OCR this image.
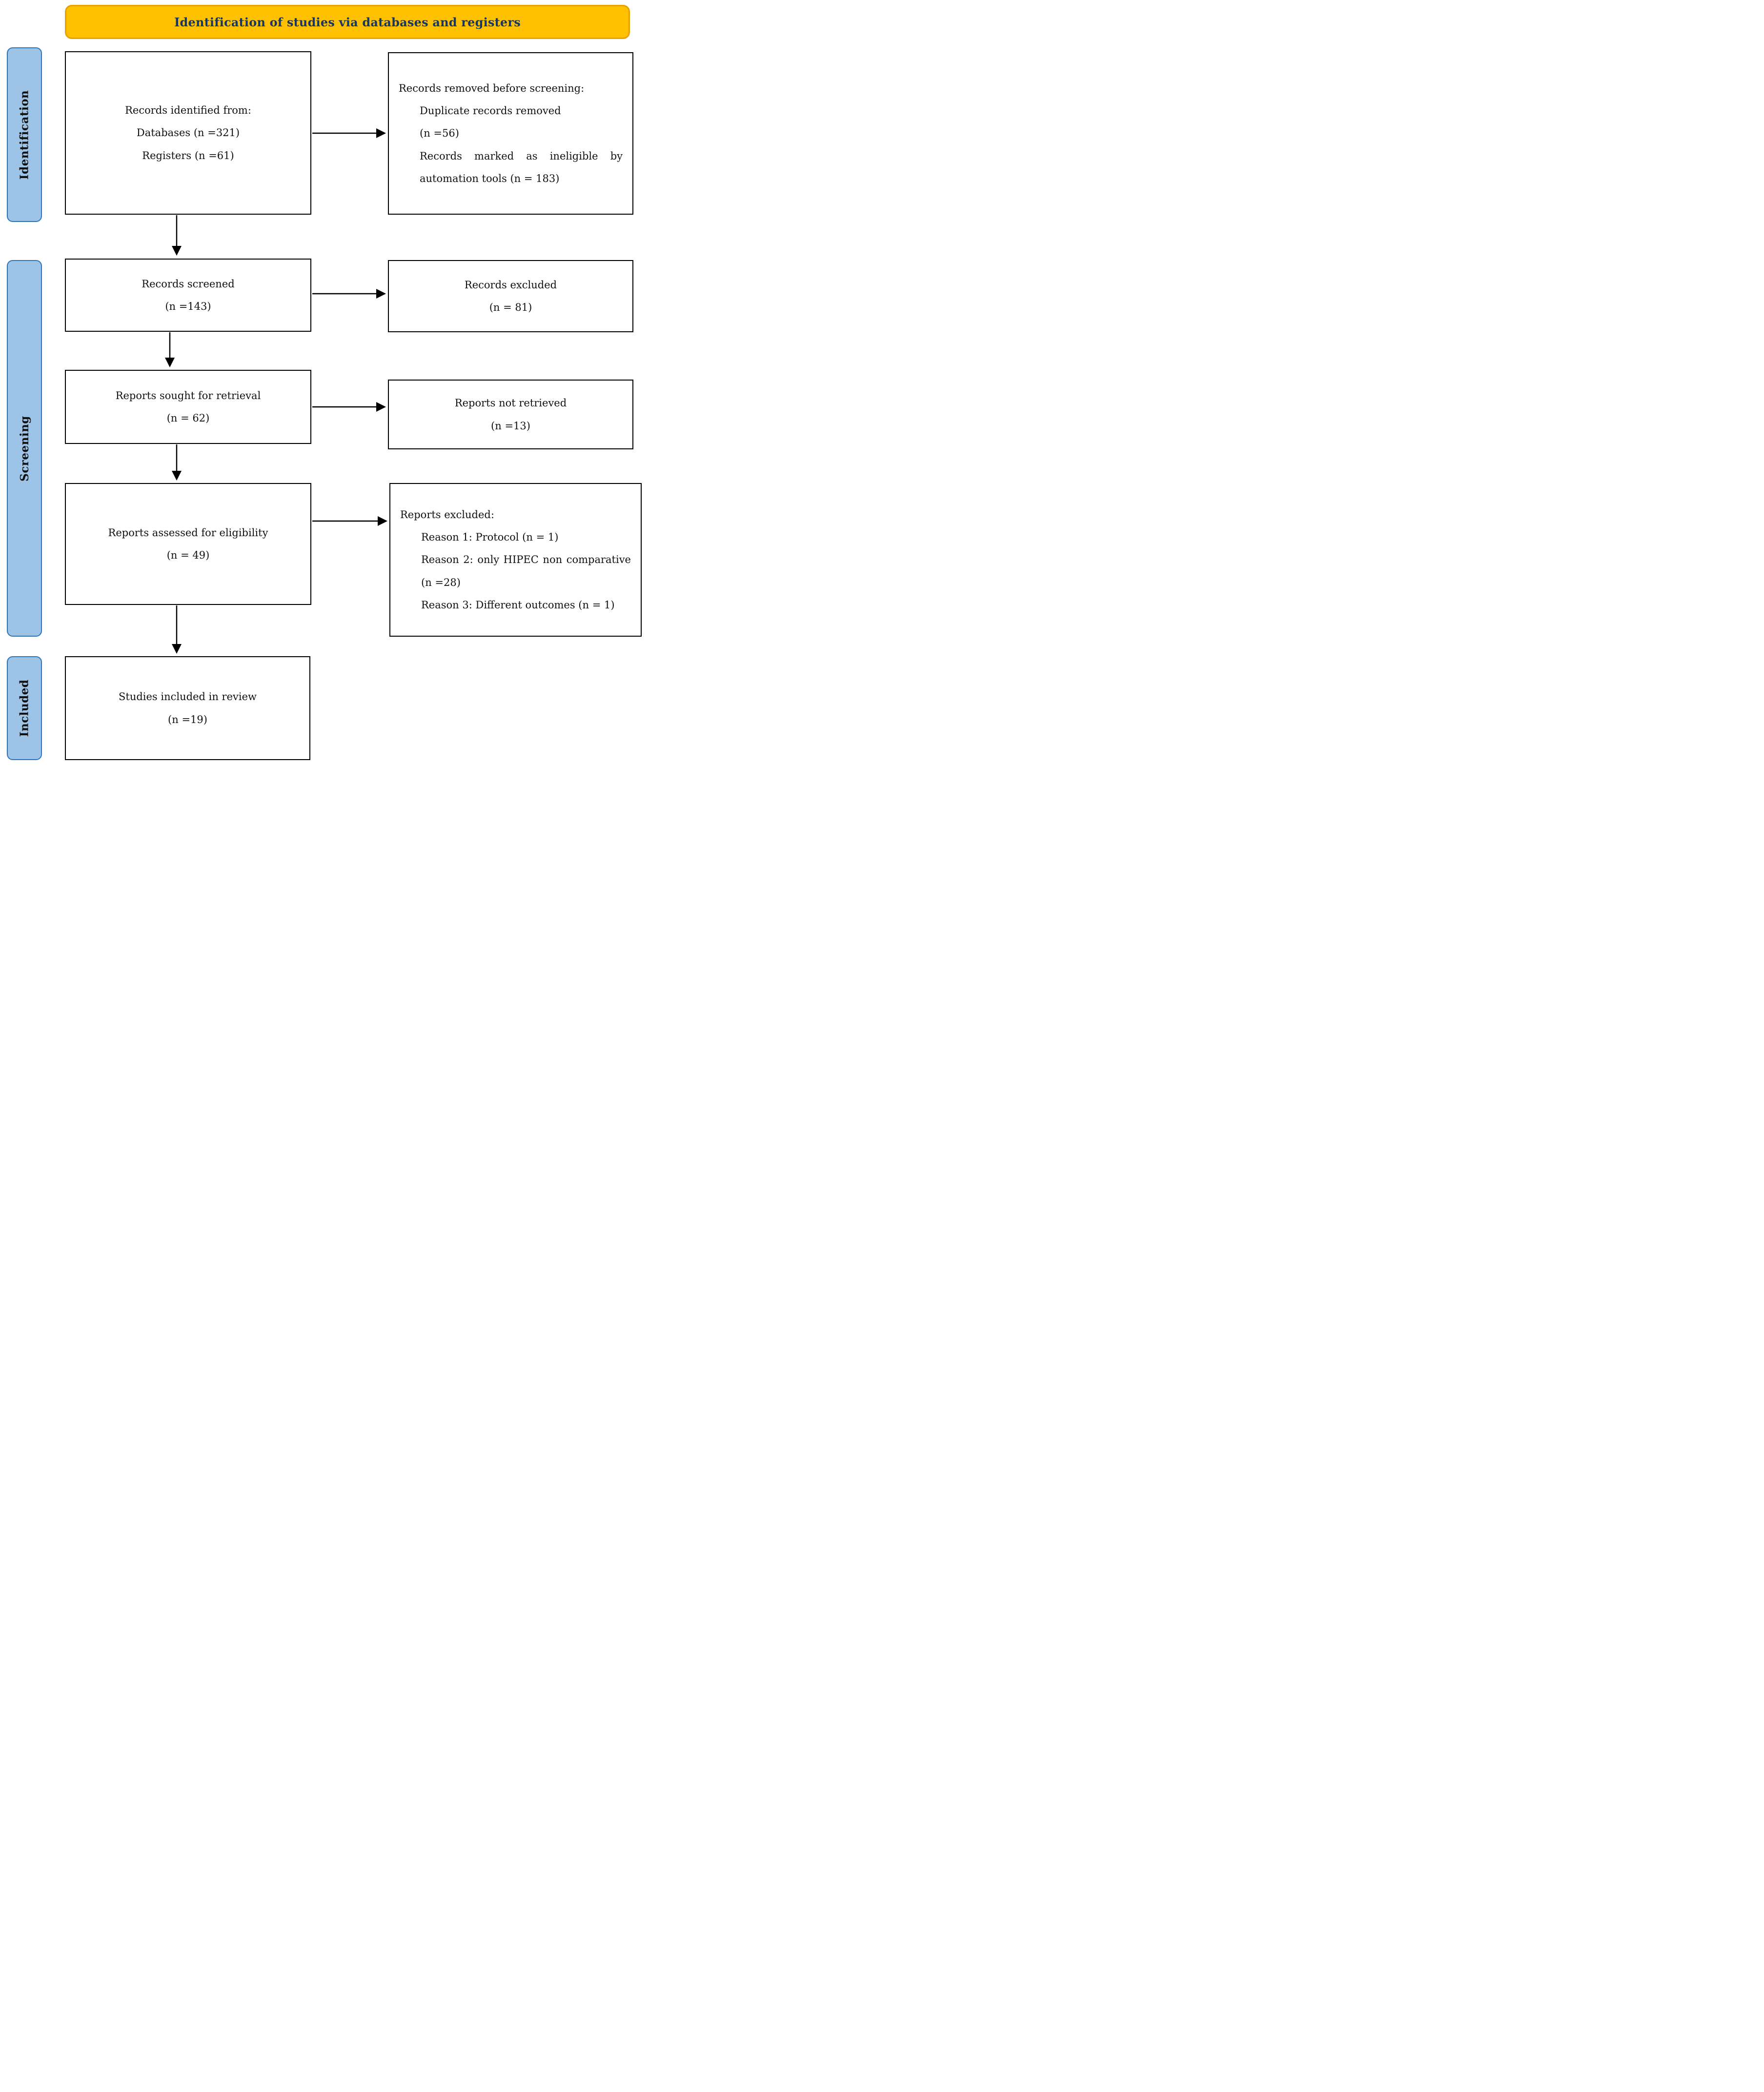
Identification of studies via databases and registers
Identification
Screening
Included
Records identified from:
Databases (n =321)
Registers (n =61)
Records removed before screening:
Duplicate records removed
(n =56)
Records marked as ineligible by automation tools (n = 183)
Records screened
(n =143)
Records excluded
(n = 81)
Reports sought for retrieval
(n = 62)
Reports not retrieved
(n =13)
Reports assessed for eligibility
(n = 49)
Reports excluded:
Reason 1: Protocol (n = 1)
Reason 2: only HIPEC non comparative (n =28)
Reason 3: Different outcomes (n = 1)
Studies included in review
(n =19)
